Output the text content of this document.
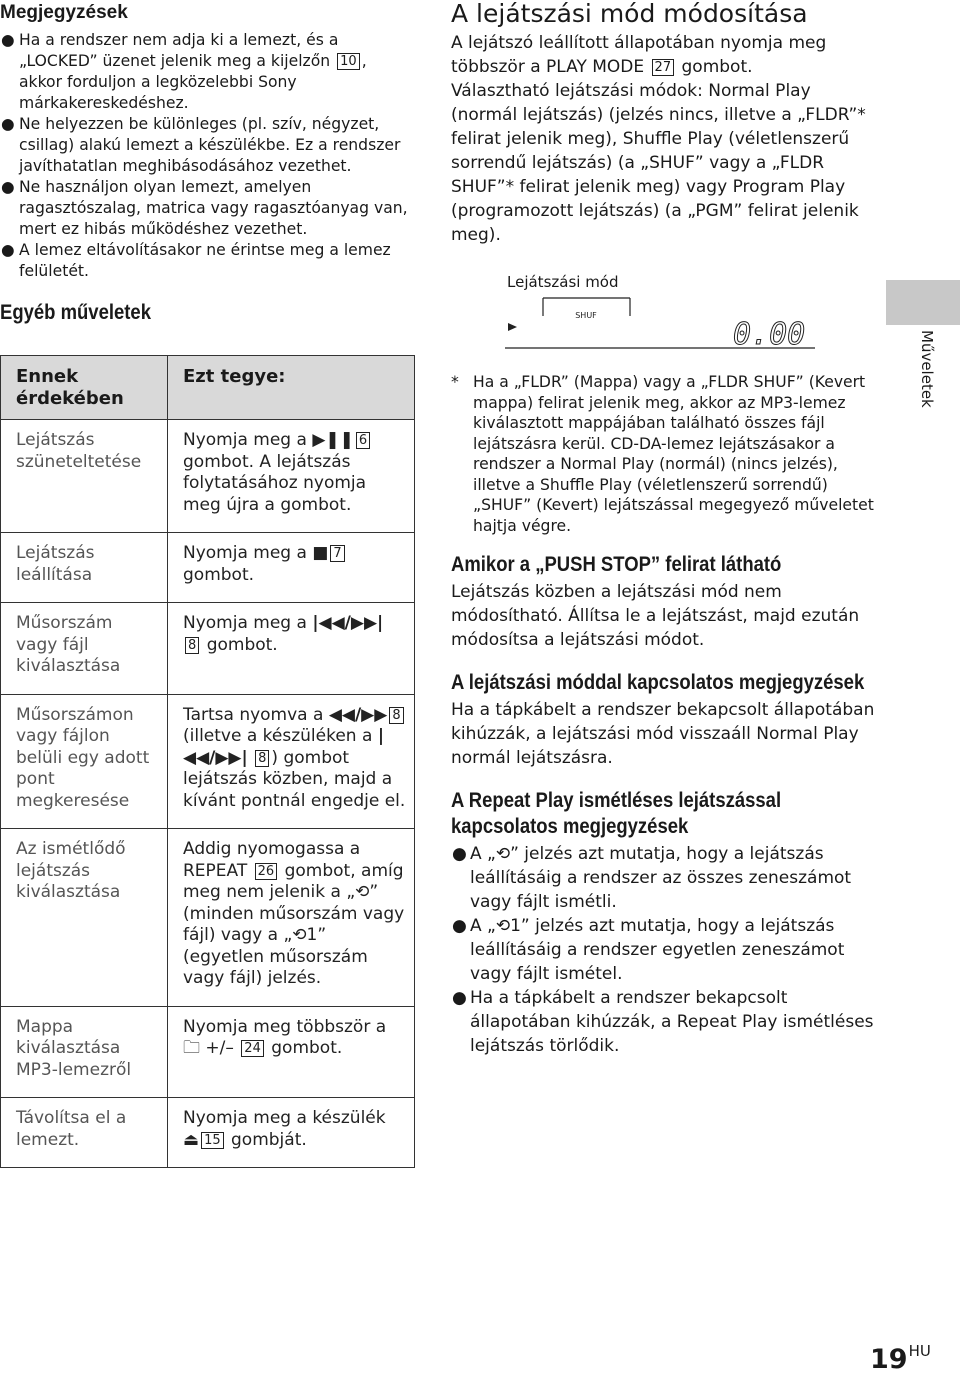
Megjegyzések
● Ha a rendszer nem adja ki a lemezt, és a „LOCKED” üzenet jelenik meg a kijelzőn 10 , akkor forduljon a legközelebbi Sony márkakereskedéshez.
● Ne helyezzen be különleges (pl. szív, négyzet, csillag) alakú lemezt a készülékbe. Ez a rendszer javíthatatlan meghibásodásához vezethet.
● Ne használjon olyan lemezt, amelyen ragasztószalag, matrica vagy ragasztóanyag van, mert ez hibás működéshez vezethet.
● A lemez eltávolításakor ne érintse meg a lemez felületét.
Egyéb műveletek
Ennek érdekében	Ezt tegye:
Lejátszás szüneteltetése	Nyomja meg a ▶❚❚ 6 gombot. A lejátszás folytatásához nyomja meg újra a gombot.
Lejátszás leállítása	Nyomja meg a ■ 7 gombot.
Műsorszám vagy fájl kiválasztása	Nyomja meg a |◀◀/▶▶| 8 gombot.
Műsorszámon vagy fájlon belüli egy adott pont megkeresése	Tartsa nyomva a ◀◀/▶▶ 8 (illetve a készüléken a |◀◀/▶▶| 8 ) gombot lejátszás közben, majd a kívánt pontnál engedje el.
Az ismétlődő lejátszás kiválasztása	Addig nyomogassa a REPEAT 26 gombot, amíg meg nem jelenik a „⟲” (minden műsorszám vagy fájl) vagy a „⟲1” (egyetlen műsorszám vagy fájl) jelzés.
Mappa kiválasztása MP3-lemezről	Nyomja meg többször a 🗀 +/– 24 gombot.
Távolítsa el a lemezt.	Nyomja meg a készülék ⏏ 15 gombját.
A lejátszási mód módosítása
A lejátszó leállított állapotában nyomja meg többször a PLAY MODE 27 gombot.
Választható lejátszási módok: Normal Play (normál lejátszás) (jelzés nincs, illetve a „FLDR”* felirat jelenik meg), Shuffle Play (véletlenszerű sorrendű lejátszás) (a „SHUF” vagy a „FLDR SHUF”* felirat jelenik meg) vagy Program Play (programozott lejátszás) (a „PGM” felirat jelenik meg).
Lejátszási mód
SHUF
0.00
* Ha a „FLDR” (Mappa) vagy a „FLDR SHUF” (Kevert mappa) felirat jelenik meg, akkor az MP3-lemez kiválasztott mappájában található összes fájl lejátszásra kerül. CD-DA-lemez lejátszásakor a rendszer a Normal Play (normál) (nincs jelzés), illetve a Shuffle Play (véletlenszerű sorrendű) „SHUF” (Kevert) lejátszással megegyező műveletet hajtja végre.
Amikor a „PUSH STOP” felirat látható
Lejátszás közben a lejátszási mód nem módosítható. Állítsa le a lejátszást, majd ezután módosítsa a lejátszási módot.
A lejátszási móddal kapcsolatos megjegyzések
Ha a tápkábelt a rendszer bekapcsolt állapotában kihúzzák, a lejátszási mód visszaáll Normal Play normál lejátszásra.
A Repeat Play ismétléses lejátszással kapcsolatos megjegyzések
● A „⟲” jelzés azt mutatja, hogy a lejátszás leállításáig a rendszer az összes zeneszámot vagy fájlt ismétli.
● A „⟲1” jelzés azt mutatja, hogy a lejátszás leállításáig a rendszer egyetlen zeneszámot vagy fájlt ismétel.
● Ha a tápkábelt a rendszer bekapcsolt állapotában kihúzzák, a Repeat Play ismétléses lejátszás törlődik.
Műveletek
$19^{HU}$
